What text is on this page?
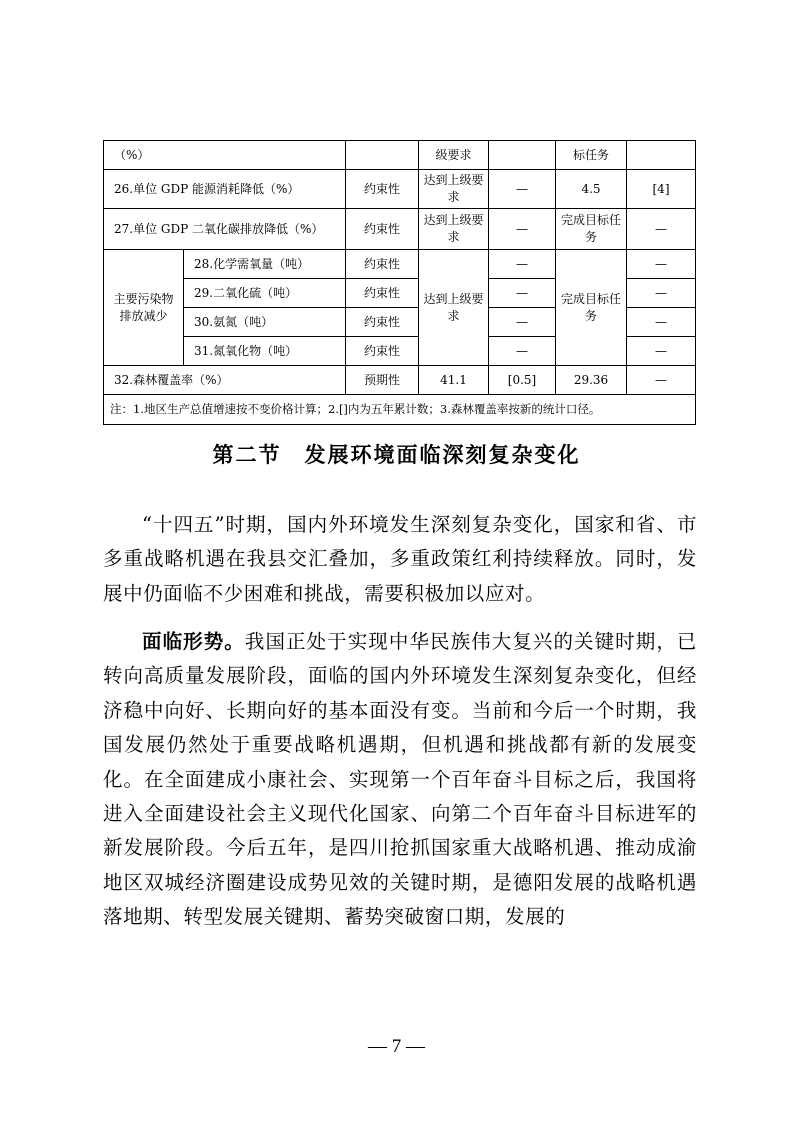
（%）			级要求		标任务	
26.单位 GDP 能源消耗降低（%）		约束性	达到上级要求	—	4.5	[4]
27.单位 GDP 二氧化碳排放降低（%）		约束性	达到上级要求	—	完成目标任务	—
主要污染物排放减少	28.化学需氧量（吨）	约束性	达到上级要求	—	完成目标任务	—
	29.二氧化硫（吨）	约束性		—		—
	30.氨氮（吨）	约束性		—		—
	31.氮氧化物（吨）	约束性		—		—
32.森林覆盖率（%）		预期性	41.1	[0.5]	29.36	—
注：1.地区生产总值增速按不变价格计算；2.[]内为五年累计数；3.森林覆盖率按新的统计口径。						
第二节　发展环境面临深刻复杂变化

“十四五”时期，国内外环境发生深刻复杂变化，国家和省、市多重战略机遇在我县交汇叠加，多重政策红利持续释放。同时，发展中仍面临不少困难和挑战，需要积极加以应对。

面临形势。我国正处于实现中华民族伟大复兴的关键时期，已转向高质量发展阶段，面临的国内外环境发生深刻复杂变化，但经济稳中向好、长期向好的基本面没有变。当前和今后一个时期，我国发展仍然处于重要战略机遇期，但机遇和挑战都有新的发展变化。在全面建成小康社会、实现第一个百年奋斗目标之后，我国将进入全面建设社会主义现代化国家、向第二个百年奋斗目标进军的新发展阶段。今后五年，是四川抢抓国家重大战略机遇、推动成渝地区双城经济圈建设成势见效的关键时期，是德阳发展的战略机遇落地期、转型发展关键期、蓄势突破窗口期，发展的

— 7 —
